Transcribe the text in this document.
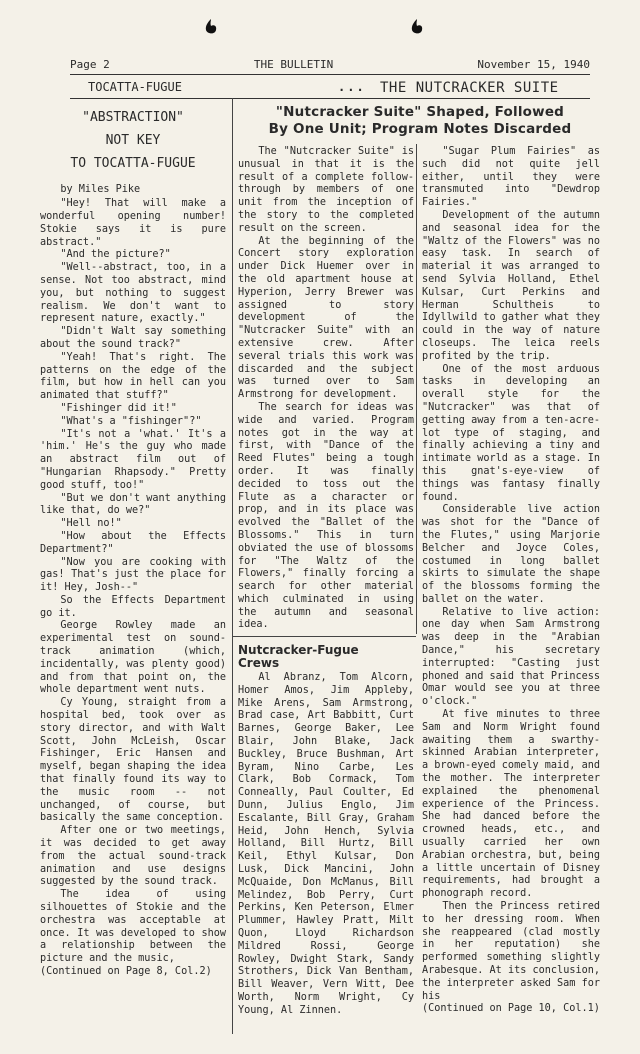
Page 2	THE BULLETIN	November 15, 1940
TOCATTA-FUGUE	... THE NUTCRACKER SUITE

"ABSTRACTION"

NOT KEY

TO TOCATTA-FUGUE

by Miles Pike

"Hey! That will make a wonderful opening number! Stokie says it is pure abstract."

"And the picture?"

"Well--abstract, too, in a sense. Not too abstract, mind you, but nothing to suggest realism. We don't want to represent nature, exactly."

"Didn't Walt say something about the sound track?"

"Yeah! That's right. The patterns on the edge of the film, but how in hell can you animated that stuff?"

"Fishinger did it!"

"What's a "fishinger"?"

"It's not a 'what.' It's a 'him.' He's the guy who made an abstract film out of "Hungarian Rhapsody." Pretty good stuff, too!"

"But we don't want anything like that, do we?"

"Hell no!"

"How about the Effects Department?"

"Now you are cooking with gas! That's just the place for it! Hey, Josh--"

So the Effects Department go it.

George Rowley made an experimental test on sound-track animation (which, incidentally, was plenty good) and from that point on, the whole department went nuts.

Cy Young, straight from a hospital bed, took over as story director, and with Walt Scott, John McLeish, Oscar Fishinger, Eric Hansen and myself, began shaping the idea that finally found its way to the music room -- not unchanged, of course, but basically the same conception.

After one or two meetings, it was decided to get away from the actual sound-track animation and use designs suggested by the sound track.

The idea of using silhouettes of Stokie and the orchestra was acceptable at once. It was developed to show a relationship between the picture and the music,

(Continued on Page 8, Col.2)

"Nutcracker Suite" Shaped, Followed
By One Unit; Program Notes Discarded

The "Nutcracker Suite" is unusual in that it is the result of a complete follow-through by members of one unit from the inception of the story to the completed result on the screen.

At the beginning of the Concert story exploration under Dick Huemer over in the old apartment house at Hyperion, Jerry Brewer was assigned to story development of the "Nutcracker Suite" with an extensive crew. After several trials this work was discarded and the subject was turned over to Sam Armstrong for development.

The search for ideas was wide and varied. Program notes got in the way at first, with "Dance of the Reed Flutes" being a tough order. It was finally decided to toss out the Flute as a character or prop, and in its place was evolved the "Ballet of the Blossoms." This in turn obviated the use of blossoms for "The Waltz of the Flowers," finally forcing a search for other material which culminated in using the autumn and seasonal idea.

"Sugar Plum Fairies" as such did not quite jell either, until they were transmuted into "Dewdrop Fairies."

Development of the autumn and seasonal idea for the "Waltz of the Flowers" was no easy task. In search of material it was arranged to send Sylvia Holland, Ethel Kulsar, Curt Perkins and Herman Schultheis to Idyllwild to gather what they could in the way of nature closeups. The leica reels profited by the trip.

One of the most arduous tasks in developing an overall style for the "Nutcracker" was that of getting away from a ten-acre-lot type of staging, and finally achieving a tiny and intimate world as a stage. In this gnat's-eye-view of things was fantasy finally found.

Considerable live action was shot for the "Dance of the Flutes," using Marjorie Belcher and Joyce Coles, costumed in long ballet skirts to simulate the shape of the blossoms forming the ballet on the water.

Relative to live action: one day when Sam Armstrong was deep in the "Arabian Dance," his secretary interrupted: "Casting just phoned and said that Princess Omar would see you at three o'clock."

At five minutes to three Sam and Norm Wright found awaiting them a swarthy-skinned Arabian interpreter, a brown-eyed comely maid, and the mother. The interpreter explained the phenomenal experience of the Princess. She had danced before the crowned heads, etc., and usually carried her own Arabian orchestra, but, being a little uncertain of Disney requirements, had brought a phonograph record.

Then the Princess retired to her dressing room. When she reappeared (clad mostly in her reputation) she performed something slightly Arabesque. At its conclusion, the interpreter asked Sam for his

(Continued on Page 10, Col.1)

Nutcracker-Fugue
Crews

Al Abranz, Tom Alcorn, Homer Amos, Jim Appleby, Mike Arens, Sam Armstrong, Brad case, Art Babbitt, Curt Barnes, George Baker, Lee Blair, John Blake, Jack Buckley, Bruce Bushman, Art Byram, Nino Carbe, Les Clark, Bob Cormack, Tom Conneally, Paul Coulter, Ed Dunn, Julius Englo, Jim Escalante, Bill Gray, Graham Heid, John Hench, Sylvia Holland, Bill Hurtz, Bill Keil, Ethyl Kulsar, Don Lusk, Dick Mancini, John McQuaide, Don McManus, Bill Melindez, Bob Perry, Curt Perkins, Ken Peterson, Elmer Plummer, Hawley Pratt, Milt Quon, Lloyd Richardson Mildred Rossi, George Rowley, Dwight Stark, Sandy Strothers, Dick Van Bentham, Bill Weaver, Vern Witt, Dee Worth, Norm Wright, Cy Young, Al Zinnen.
